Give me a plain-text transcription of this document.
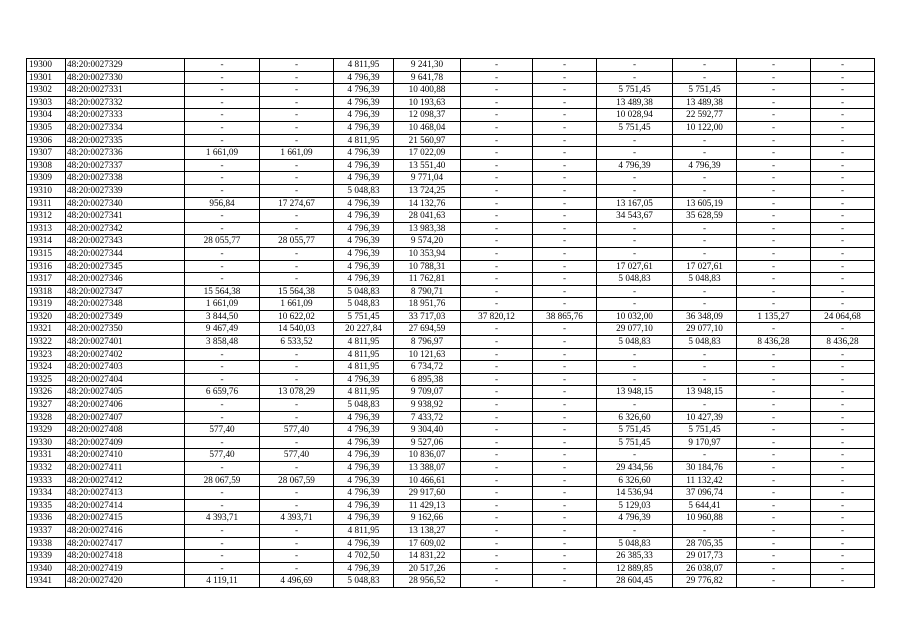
19300	48:20:0027329	-	-	4 811,95	9 241,30	-	-	-	-	-	-
19301	48:20:0027330	-	-	4 796,39	9 641,78	-	-	-	-	-	-
19302	48:20:0027331	-	-	4 796,39	10 400,88	-	-	5 751,45	5 751,45	-	-
19303	48:20:0027332	-	-	4 796,39	10 193,63	-	-	13 489,38	13 489,38	-	-
19304	48:20:0027333	-	-	4 796,39	12 098,37	-	-	10 028,94	22 592,77	-	-
19305	48:20:0027334	-	-	4 796,39	10 468,04	-	-	5 751,45	10 122,00	-	-
19306	48:20:0027335	-	-	4 811,95	21 560,97	-	-	-	-	-	-
19307	48:20:0027336	1 661,09	1 661,09	4 796,39	17 022,09	-	-	-	-	-	-
19308	48:20:0027337	-	-	4 796,39	13 551,40	-	-	4 796,39	4 796,39	-	-
19309	48:20:0027338	-	-	4 796,39	9 771,04	-	-	-	-	-	-
19310	48:20:0027339	-	-	5 048,83	13 724,25	-	-	-	-	-	-
19311	48:20:0027340	956,84	17 274,67	4 796,39	14 132,76	-	-	13 167,05	13 605,19	-	-
19312	48:20:0027341	-	-	4 796,39	28 041,63	-	-	34 543,67	35 628,59	-	-
19313	48:20:0027342	-	-	4 796,39	13 983,38	-	-	-	-	-	-
19314	48:20:0027343	28 055,77	28 055,77	4 796,39	9 574,20	-	-	-	-	-	-
19315	48:20:0027344	-	-	4 796,39	10 353,94	-	-	-	-	-	-
19316	48:20:0027345	-	-	4 796,39	10 788,31	-	-	17 027,61	17 027,61	-	-
19317	48:20:0027346	-	-	4 796,39	11 762,81	-	-	5 048,83	5 048,83	-	-
19318	48:20:0027347	15 564,38	15 564,38	5 048,83	8 790,71	-	-	-	-	-	-
19319	48:20:0027348	1 661,09	1 661,09	5 048,83	18 951,76	-	-	-	-	-	-
19320	48:20:0027349	3 844,50	10 622,02	5 751,45	33 717,03	37 820,12	38 865,76	10 032,00	36 348,09	1 135,27	24 064,68
19321	48:20:0027350	9 467,49	14 540,03	20 227,84	27 694,59	-	-	29 077,10	29 077,10	-	-
19322	48:20:0027401	3 858,48	6 533,52	4 811,95	8 796,97	-	-	5 048,83	5 048,83	8 436,28	8 436,28
19323	48:20:0027402	-	-	4 811,95	10 121,63	-	-	-	-	-	-
19324	48:20:0027403	-	-	4 811,95	6 734,72	-	-	-	-	-	-
19325	48:20:0027404	-	-	4 796,39	6 895,38	-	-	-	-	-	-
19326	48:20:0027405	6 659,76	13 078,29	4 811,95	9 709,07	-	-	13 948,15	13 948,15	-	-
19327	48:20:0027406	-	-	5 048,83	9 938,92	-	-	-	-	-	-
19328	48:20:0027407	-	-	4 796,39	7 433,72	-	-	6 326,60	10 427,39	-	-
19329	48:20:0027408	577,40	577,40	4 796,39	9 304,40	-	-	5 751,45	5 751,45	-	-
19330	48:20:0027409	-	-	4 796,39	9 527,06	-	-	5 751,45	9 170,97	-	-
19331	48:20:0027410	577,40	577,40	4 796,39	10 836,07	-	-	-	-	-	-
19332	48:20:0027411	-	-	4 796,39	13 388,07	-	-	29 434,56	30 184,76	-	-
19333	48:20:0027412	28 067,59	28 067,59	4 796,39	10 466,61	-	-	6 326,60	11 132,42	-	-
19334	48:20:0027413	-	-	4 796,39	29 917,60	-	-	14 536,94	37 096,74	-	-
19335	48:20:0027414	-	-	4 796,39	11 429,13	-	-	5 129,03	5 644,41	-	-
19336	48:20:0027415	4 393,71	4 393,71	4 796,39	9 162,66	-	-	4 796,39	10 960,88	-	-
19337	48:20:0027416	-	-	4 811,95	13 138,27	-	-	-	-	-	-
19338	48:20:0027417	-	-	4 796,39	17 609,02	-	-	5 048,83	28 705,35	-	-
19339	48:20:0027418	-	-	4 702,50	14 831,22	-	-	26 385,33	29 017,73	-	-
19340	48:20:0027419	-	-	4 796,39	20 517,26	-	-	12 889,85	26 038,07	-	-
19341	48:20:0027420	4 119,11	4 496,69	5 048,83	28 956,52	-	-	28 604,45	29 776,82	-	-
